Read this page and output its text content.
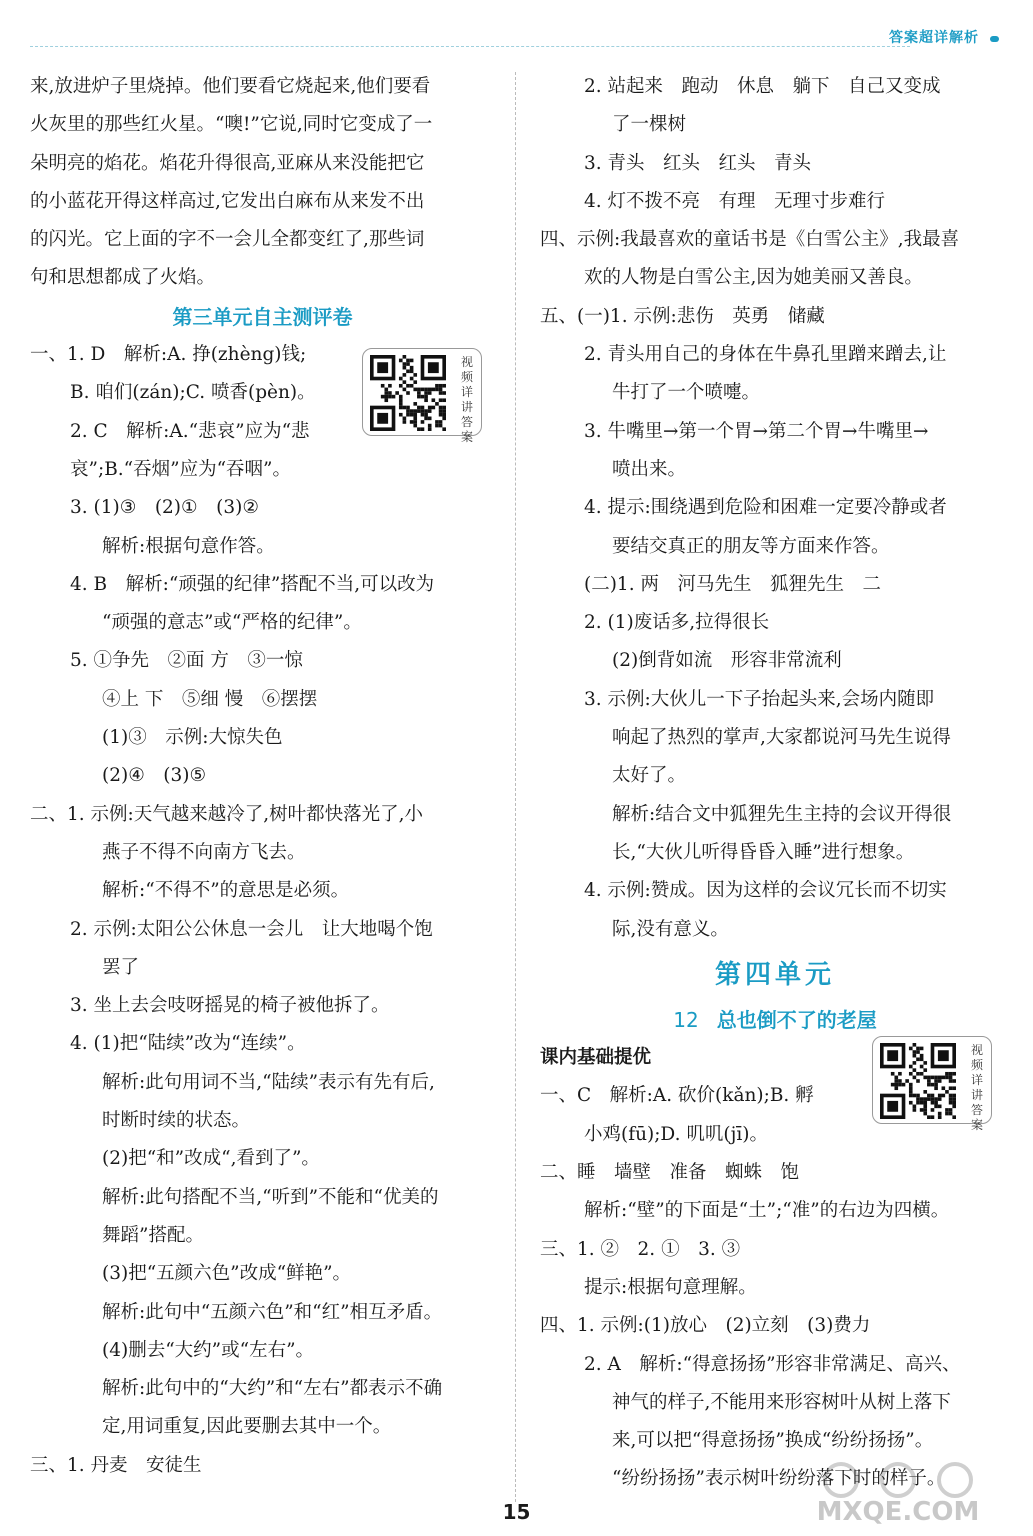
答案超详解析
来,放进炉子里烧掉。他们要看它烧起来,他们要看
火灰里的那些红火星。“噢!”它说,同时它变成了一
朵明亮的焰花。焰花升得很高,亚麻从来没能把它
的小蓝花开得这样高过,它发出白麻布从来发不出
的闪光。它上面的字不一会儿全都变红了,那些词
句和思想都成了火焰。
第三单元自主测评卷
一、1. D　解析:A. 挣(zhèng)钱;
B. 咱们(zán);C. 喷香(pèn)。
2. C　解析:A.“悲哀”应为“悲
哀”;B.“吞烟”应为“吞咽”。
3. (1)③　(2)①　(3)②
解析:根据句意作答。
4. B　解析:“顽强的纪律”搭配不当,可以改为
“顽强的意志”或“严格的纪律”。
5. ①争先　②面 方　③一惊
④上 下　⑤细 慢　⑥摆摆
(1)③　示例:大惊失色
(2)④　(3)⑤
二、1. 示例:天气越来越冷了,树叶都快落光了,小
燕子不得不向南方飞去。
解析:“不得不”的意思是必须。
2. 示例:太阳公公休息一会儿　让大地喝个饱
罢了
3. 坐上去会吱呀摇晃的椅子被他拆了。
4. (1)把“陆续”改为“连续”。
解析:此句用词不当,“陆续”表示有先有后,
时断时续的状态。
(2)把“和”改成“,看到了”。
解析:此句搭配不当,“听到”不能和“优美的
舞蹈”搭配。
(3)把“五颜六色”改成“鲜艳”。
解析:此句中“五颜六色”和“红”相互矛盾。
(4)删去“大约”或“左右”。
解析:此句中的“大约”和“左右”都表示不确
定,用词重复,因此要删去其中一个。
三、1. 丹麦　安徒生
2. 站起来　跑动　休息　躺下　自己又变成
了一棵树
3. 青头　红头　红头　青头
4. 灯不拨不亮　有理　无理寸步难行
四、示例:我最喜欢的童话书是《白雪公主》,我最喜
欢的人物是白雪公主,因为她美丽又善良。
五、(一)1. 示例:悲伤　英勇　储藏
2. 青头用自己的身体在牛鼻孔里蹭来蹭去,让
牛打了一个喷嚏。
3. 牛嘴里→第一个胃→第二个胃→牛嘴里→
喷出来。
4. 提示:围绕遇到危险和困难一定要冷静或者
要结交真正的朋友等方面来作答。
(二)1. 两　河马先生　狐狸先生　二
2. (1)废话多,拉得很长
(2)倒背如流　形容非常流利
3. 示例:大伙儿一下子抬起头来,会场内随即
响起了热烈的掌声,大家都说河马先生说得
太好了。
解析:结合文中狐狸先生主持的会议开得很
长,“大伙儿听得昏昏入睡”进行想象。
4. 示例:赞成。因为这样的会议冗长而不切实
际,没有意义。
第四单元
12 总也倒不了的老屋
课内基础提优
一、C　解析:A. 砍价(kǎn);B. 孵
小鸡(fū);D. 叽叽(jī)。
二、睡　墙壁　准备　蜘蛛　饱
解析:“壁”的下面是“土”;“准”的右边为四横。
三、1. ②　2. ①　3. ③
提示:根据句意理解。
四、1. 示例:(1)放心　(2)立刻　(3)费力
2. A　解析:“得意扬扬”形容非常满足、高兴、
神气的样子,不能用来形容树叶从树上落下
来,可以把“得意扬扬”换成“纷纷扬扬”。
“纷纷扬扬”表示树叶纷纷落下时的样子。
视频详讲答案
视频详讲答案
15	MXQE.COM
